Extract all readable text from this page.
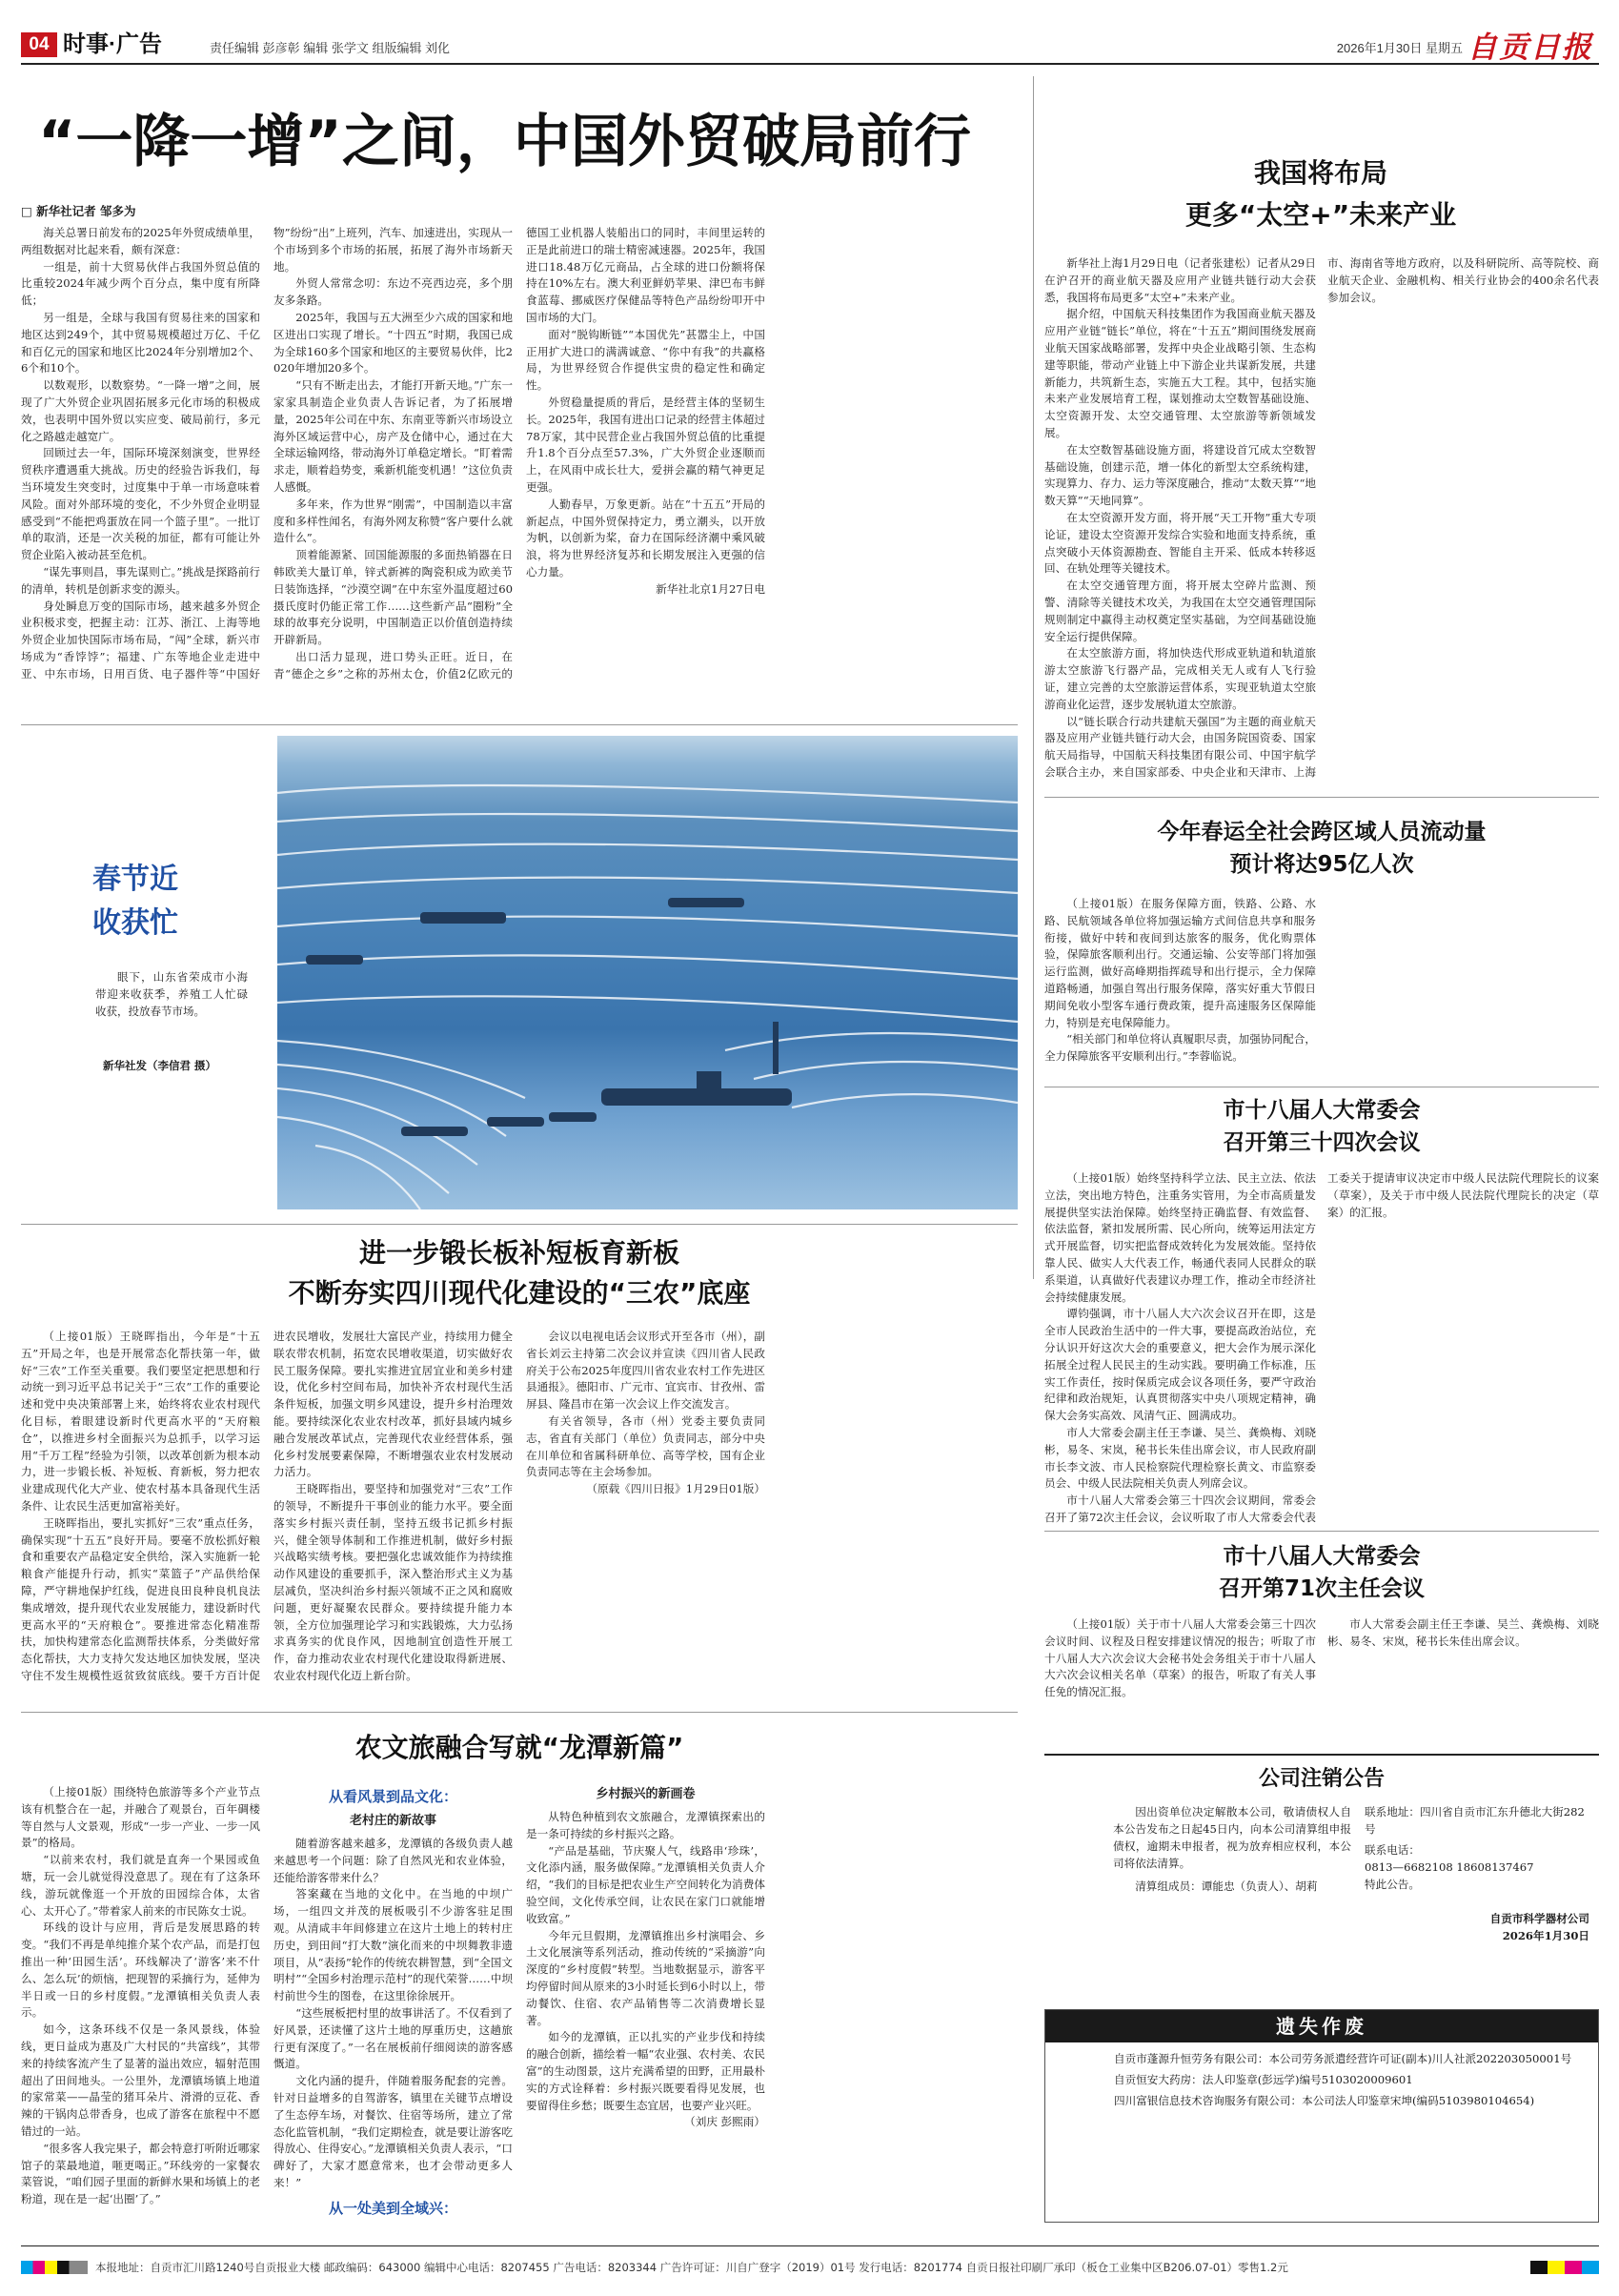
04 时事·广告	责任编辑 彭彦彰 编辑 张学文 组版编辑 刘化	2026年1月30日 星期五 自贡日报
“一降一增”之间，中国外贸破局前行
□ 新华社记者 邹多为

海关总署日前发布的2025年外贸成绩单里，两组数据对比起来看，颇有深意：

一组是，前十大贸易伙伴占我国外贸总值的比重较2024年减少两个百分点，集中度有所降低；

另一组是，全球与我国有贸易往来的国家和地区达到249个，其中贸易规模超过万亿、千亿和百亿元的国家和地区比2024年分别增加2个、6个和10个。

以数观形，以数察势。“一降一增”之间，展现了广大外贸企业巩固拓展多元化市场的积极成效，也表明中国外贸以实应变、破局前行，多元化之路越走越宽广。

回顾过去一年，国际环境深刻演变，世界经贸秩序遭遇重大挑战。历史的经验告诉我们，每当环境发生突变时，过度集中于单一市场意味着风险。面对外部环境的变化，不少外贸企业明显感受到“不能把鸡蛋放在同一个篮子里”。一批订单的取消，还是一次关税的加征，都有可能让外贸企业陷入被动甚至危机。

“谋先事则昌，事先谋则亡。”挑战是探路前行的清单，转机是创新求变的源头。

身处瞬息万变的国际市场，越来越多外贸企业积极求变，把握主动：江苏、浙江、上海等地外贸企业加快国际市场布局，“闯”全球，新兴市场成为“香饽饽”；福建、广东等地企业走进中亚、中东市场，日用百货、电子器件等“中国好物”纷纷“出”上班列，汽车、加速进出，实现从一个市场到多个市场的拓展，拓展了海外市场新天地。

外贸人常常念叨：东边不亮西边亮，多个朋友多条路。

2025年，我国与五大洲至少六成的国家和地区进出口实现了增长。“十四五”时期，我国已成为全球160多个国家和地区的主要贸易伙伴，比2020年增加20多个。

“只有不断走出去，才能打开新天地。”广东一家家具制造企业负责人告诉记者，为了拓展增量，2025年公司在中东、东南亚等新兴市场设立海外区域运营中心，房产及仓储中心，通过在大全球运输网络，带动海外订单稳定增长。“盯着需求走，顺着趋势变，乘新机能变机遇！”这位负责人感慨。

多年来，作为世界“刚需”，中国制造以丰富度和多样性闻名，有海外网友称赞“客户要什么就造什么”。

顶着能源紧、回国能源服的多面热销器在日韩欧美大量订单，锌式新裤的陶瓷积成为欧美节日装饰选择，“沙漠空调”在中东室外温度超过60摄氏度时仍能正常工作……这些新产品“圈粉”全球的故事充分说明，中国制造正以价值创造持续开辟新局。

出口活力显现，进口势头正旺。近日，在青“德企之乡”之称的苏州太仓，价值2亿欧元的德国工业机器人装船出口的同时，丰间里运转的正是此前进口的瑞士精密减速器。2025年，我国进口18.48万亿元商品，占全球的进口份额将保持在10%左右。澳大利亚鲜奶苹果、津巴布韦鲜食蓝莓、挪威医疗保健品等特色产品纷纷叩开中国市场的大门。

面对“脱钩断链”“本国优先”甚嚣尘上，中国正用扩大进口的满满诚意、“你中有我”的共赢格局，为世界经贸合作提供宝贵的稳定性和确定性。

外贸稳量提质的背后，是经营主体的坚韧生长。2025年，我国有进出口记录的经营主体超过78万家，其中民营企业占我国外贸总值的比重提升1.8个百分点至57.3%，广大外贸企业逐顺而上，在风雨中成长壮大，爱拼会赢的精气神更足更强。

人勤春早，万象更新。站在“十五五”开局的新起点，中国外贸保持定力，勇立潮头，以开放为帆，以创新为桨，奋力在国际经济潮中乘风破浪，将为世界经济复苏和长期发展注入更强的信心力量。

新华社北京1月27日电

我国将布局
更多“太空+”未来产业

新华社上海1月29日电（记者张建松）记者从29日在沪召开的商业航天器及应用产业链共链行动大会获悉，我国将布局更多“太空+”未来产业。

据介绍，中国航天科技集团作为我国商业航天器及应用产业链“链长”单位，将在“十五五”期间围绕发展商业航天国家战略部署，发挥中央企业战略引领、生态构建等职能，带动产业链上中下游企业共谋新发展，共建新能力，共筑新生态，实施五大工程。其中，包括实施未来产业发展培育工程，谋划推动太空数智基础设施、太空资源开发、太空交通管理、太空旅游等新领域发展。

在太空数智基础设施方面，将建设首冗成太空数智基础设施，创建示范，增一体化的新型太空系统构建，实现算力、存力、运力等深度融合，推动“太数天算”“地数天算”“天地同算”。

在太空资源开发方面，将开展“天工开物”重大专项论证，建设太空资源开发综合实验和地面支持系统，重点突破小天体资源勘查、智能自主开采、低成本转移返回、在轨处理等关键技术。

在太空交通管理方面，将开展太空碎片监测、预警、清除等关键技术攻关，为我国在太空交通管理国际规则制定中赢得主动权奠定坚实基础，为空间基础设施安全运行提供保障。

在太空旅游方面，将加快迭代形成亚轨道和轨道旅游太空旅游飞行器产品，完成相关无人或有人飞行验证，建立完善的太空旅游运营体系，实现亚轨道太空旅游商业化运营，逐步发展轨道太空旅游。

以“链长联合行动共建航天强国”为主题的商业航天器及应用产业链共链行动大会，由国务院国资委、国家航天局指导，中国航天科技集团有限公司、中国宇航学会联合主办，来自国家部委、中央企业和天津市、上海市、海南省等地方政府，以及科研院所、高等院校、商业航天企业、金融机构、相关行业协会的400余名代表参加会议。

春节近
收获忙
眼下，山东省荣成市小海带迎来收获季，养殖工人忙碌收获，投放春节市场。
新华社发（李信君 摄）
今年春运全社会跨区域人员流动量
预计将达95亿人次

（上接01版）在服务保障方面，铁路、公路、水路、民航领域各单位将加强运输方式间信息共享和服务衔接，做好中转和夜间到达旅客的服务，优化购票体验，保障旅客顺利出行。交通运输、公安等部门将加强运行监测，做好高峰期指挥疏导和出行提示，全力保障道路畅通，加强自驾出行服务保障，落实好重大节假日期间免收小型客车通行费政策，提升高速服务区保障能力，特别是充电保障能力。

“相关部门和单位将认真履职尽责，加强协同配合，全力保障旅客平安顺利出行。”李蓉临说。

市十八届人大常委会
召开第三十四次会议

（上接01版）始终坚持科学立法、民主立法、依法立法，突出地方特色，注重务实管用，为全市高质量发展提供坚实法治保障。始终坚持正确监督、有效监督、依法监督，紧扣发展所需、民心所向，统筹运用法定方式开展监督，切实把监督成效转化为发展效能。坚持依靠人民、做实人大代表工作，畅通代表同人民群众的联系渠道，认真做好代表建议办理工作，推动全市经济社会持续健康发展。

谭钧强调，市十八届人大六次会议召开在即，这是全市人民政治生活中的一件大事，要提高政治站位，充分认识开好这次大会的重要意义，把大会作为展示深化拓展全过程人民民主的生动实践。要明确工作标准，压实工作责任，按时保质完成会议各项任务，要严守政治纪律和政治规矩，认真贯彻落实中央八项规定精神，确保大会务实高效、风清气正、圆满成功。

市人大常委会副主任王李谦、吴兰、龚焕梅、刘晓彬，易冬、宋岚，秘书长朱佳出席会议，市人民政府副市长李文波、市人民检察院代理检察长黄文、市监察委员会、中级人民法院相关负责人列席会议。

市十八届人大常委会第三十四次会议期间，常委会召开了第72次主任会议，会议听取了市人大常委会代表工委关于提请审议决定市中级人民法院代理院长的议案（草案），及关于市中级人民法院代理院长的决定（草案）的汇报。

市十八届人大常委会
召开第71次主任会议

（上接01版）关于市十八届人大常委会第三十四次会议时间、议程及日程安排建议情况的报告；听取了市十八届人大六次会议大会秘书处会务组关于市十八届人大六次会议相关名单（草案）的报告，听取了有关人事任免的情况汇报。

市人大常委会副主任王李谦、吴兰、龚焕梅、刘晓彬、易冬、宋岚，秘书长朱佳出席会议。

进一步锻长板补短板育新板
不断夯实四川现代化建设的“三农”底座

（上接01版）王晓晖指出，今年是“十五五”开局之年，也是开展常态化帮扶第一年，做好“三农”工作至关重要。我们要坚定把思想和行动统一到习近平总书记关于“三农”工作的重要论述和党中央决策部署上来，始终将农业农村现代化目标，着眼建设新时代更高水平的“天府粮仓”，以推进乡村全面振兴为总抓手，以学习运用“千万工程”经验为引领，以改革创新为根本动力，进一步锻长板、补短板、育新板，努力把农业建成现代化大产业、使农村基本具备现代生活条件、让农民生活更加富裕美好。

王晓晖指出，要扎实抓好“三农”重点任务，确保实现“十五五”良好开局。要毫不放松抓好粮食和重要农产品稳定安全供给，深入实施新一轮粮食产能提升行动，抓实“菜篮子”产品供给保障，严守耕地保护红线，促进良田良种良机良法集成增效，提升现代农业发展能力，建设新时代更高水平的“天府粮仓”。要推进常态化精准帮扶，加快构建常态化监测帮扶体系，分类做好常态化帮扶，大力支持欠发达地区加快发展，坚决守住不发生规模性返贫致贫底线。要千方百计促进农民增收，发展壮大富民产业，持续用力健全联农带农机制，拓宽农民增收渠道，切实做好农民工服务保障。要扎实推进宜居宜业和美乡村建设，优化乡村空间布局，加快补齐农村现代生活条件短板，加强文明乡风建设，提升乡村治理效能。要持续深化农业农村改革，抓好县域内城乡融合发展改革试点，完善现代农业经营体系，强化乡村发展要素保障，不断增强农业农村发展动力活力。

王晓晖指出，要坚持和加强党对“三农”工作的领导，不断提升干事创业的能力水平。要全面落实乡村振兴责任制，坚持五级书记抓乡村振兴，健全领导体制和工作推进机制，做好乡村振兴战略实绩考核。要把强化忠诚效能作为持续推动作风建设的重要抓手，深入整治形式主义为基层减负，坚决纠治乡村振兴领域不正之风和腐败问题，更好凝聚农民群众。要持续提升能力本领，全方位加强理论学习和实践锻炼，大力弘扬求真务实的优良作风，因地制宜创造性开展工作，奋力推动农业农村现代化建设取得新进展、农业农村现代化迈上新台阶。

会议以电视电话会议形式开至各市（州），副省长刘云主持第二次会议并宣读《四川省人民政府关于公布2025年度四川省农业农村工作先进区县通报》。德阳市、广元市、宜宾市、甘孜州、雷屏县、隆昌市在第一次会议上作交流发言。

有关省领导，各市（州）党委主要负责同志，省直有关部门（单位）负责同志，部分中央在川单位和省属科研单位、高等学校，国有企业负责同志等在主会场参加。

（原载《四川日报》1月29日01版）

农文旅融合写就“龙潭新篇”

（上接01版）围绕特色旅游等多个产业节点该有机整合在一起，并融合了观景台，百年碉楼等自然与人文景观，形成“一步一产业、一步一风景”的格局。

“以前来农村，我们就是直奔一个果园或鱼塘，玩一会儿就觉得没意思了。现在有了这条环线，游玩就像逛一个开放的田园综合体，太省心、太开心了。”带着家人前来的市民陈女士说。

环线的设计与应用，背后是发展思路的转变。“我们不再是单纯推介某个农产品，而是打包推出一种‘田园生活’。环线解决了‘游客’来不什么、怎么玩’的烦恼，把现智的采摘行为，延伸为半日或一日的乡村度假。”龙潭镇相关负责人表示。

如今，这条环线不仅是一条风景线，体验线，更日益成为惠及广大村民的“共富线”，其带来的持续客流产生了显著的溢出效应，辐射范围超出了田间地头。一公里外，龙潭镇场镇上地道的家常菜——晶莹的猪耳朵片、滑滑的豆花、香辣的干锅肉总带香身，也成了游客在旅程中不愿错过的一站。

“很多客人我完果子，都会特意打听附近哪家馆子的菜最地道，咂更喝正。”环线旁的一家餐农菜管说，“咱们园子里面的新鲜水果和场镇上的老粉道，现在是一起‘出圈’了。”

从看风景到品文化：
老村庄的新故事

随着游客越来越多，龙潭镇的各级负责人越来越思考一个问题：除了自然风光和农业体验，还能给游客带来什么？

答案藏在当地的文化中。在当地的中坝广场，一组四文并茂的展板吸引不少游客驻足围观。从清咸丰年间修建立在这片土地上的转村庄历史，到田间“打大数”演化而来的中坝舞教非遗项目，从“表扬”轮作的传统农耕智慧，到“全国文明村”“全国乡村治理示范村”的现代荣誉……中坝村前世今生的图卷，在这里徐徐展开。

“这些展板把村里的故事讲活了。不仅看到了好风景，还读懂了这片土地的厚重历史，这趟旅行更有深度了。”一名在展板前仔细阅读的游客感慨道。

文化内涵的提升，伴随着服务配套的完善。针对日益增多的自驾游客，镇里在关键节点增设了生态停车场，对餐饮、住宿等场所，建立了常态化监管机制，“我们定期检查，就是要让游客吃得放心、住得安心。”龙潭镇相关负责人表示，“口碑好了，大家才愿意常来，也才会带动更多人来！”

从一处美到全域兴：
乡村振兴的新画卷

从特色种植到农文旅融合，龙潭镇探索出的是一条可持续的乡村振兴之路。

“产品是基础，节庆聚人气，线路串‘珍珠’，文化添内涵，服务做保障。”龙潭镇相关负责人介绍，“我们的目标是把农业生产空间转化为消费体验空间，文化传承空间，让农民在家门口就能增收致富。”

今年元旦假期，龙潭镇推出乡村演唱会、乡土文化展演等系列活动，推动传统的“采摘游”向深度的“乡村度假”转型。当地数据显示，游客平均停留时间从原来的3小时延长到6小时以上，带动餐饮、住宿、农产品销售等二次消费增长显著。

如今的龙潭镇，正以扎实的产业步伐和持续的融合创新，描绘着一幅“农业强、农村美、农民富”的生动图景，这片充满希望的田野，正用最朴实的方式诠释着：乡村振兴既要看得见发展，也要留得住乡愁；既要生态宜居，也要产业兴旺。

（刘庆 彭熙雨）

公司注销公告
因出资单位决定解散本公司，敬请债权人自本公告发布之日起45日内，向本公司清算组申报债权，逾期未申报者，视为放弃相应权利，本公司将依法清算。
清算组成员：谭能忠（负责人）、胡莉
联系地址：四川省自贡市汇东升德北大街282号
联系电话：
0813—6682108 18608137467
特此公告。
自贡市科学器材公司
2026年1月30日
遗失作废
自贡市蓬源升恒劳务有限公司：本公司劳务派遣经营许可证(副本)川人社派202203050001号
自贡恒安大药房：法人印鉴章(彭远学)编号5103020009601
四川富银信息技术咨询服务有限公司：本公司法人印鉴章宋坤(编码5103980104654)
本报地址：自贡市汇川路1240号自贡报业大楼 邮政编码：643000 编辑中心电话：8207455 广告电话：8203344 广告许可证：川自广登字（2019）01号 发行电话：8201774 自贡日报社印刷厂承印（板仓工业集中区B206.07-01）零售1.2元
